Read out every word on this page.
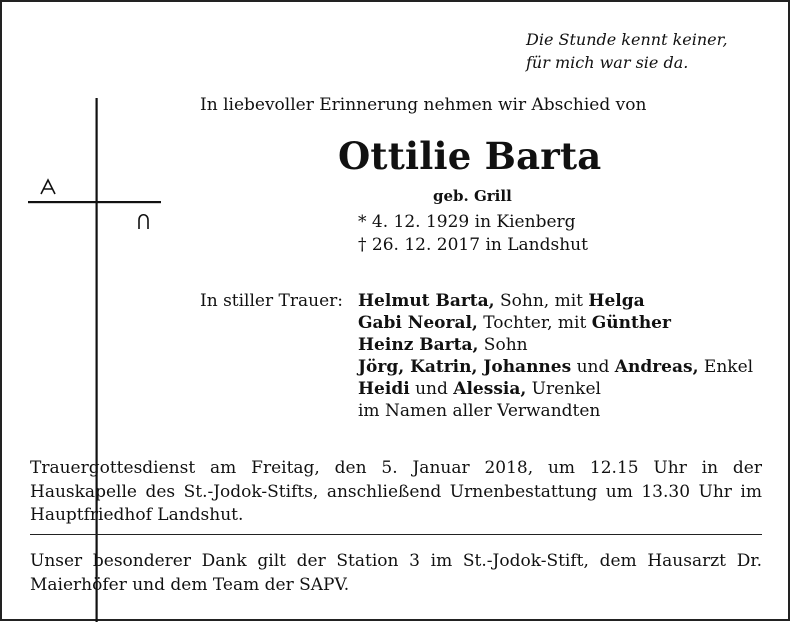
Die Stunde kennt keiner,
für mich war sie da.
In liebevoller Erinnerung nehmen wir Abschied von
Ottilie Barta
geb. Grill
* 4. 12. 1929 in Kienberg
† 26. 12. 2017 in Landshut
In stiller Trauer: Helmut Barta, Sohn, mit Helga
Gabi Neoral, Tochter, mit Günther
Heinz Barta, Sohn
Jörg, Katrin, Johannes und Andreas, Enkel
Heidi und Alessia, Urenkel
im Namen aller Verwandten
Trauergottesdienst am Freitag, den 5. Januar 2018, um 12.15 Uhr in der Hauskapelle des St.-Jodok-Stifts, anschließend Urnenbestattung um 13.30 Uhr im Hauptfriedhof Landshut.
Unser besonderer Dank gilt der Station 3 im St.-Jodok-Stift, dem Hausarzt Dr. Maierhöfer und dem Team der SAPV.
